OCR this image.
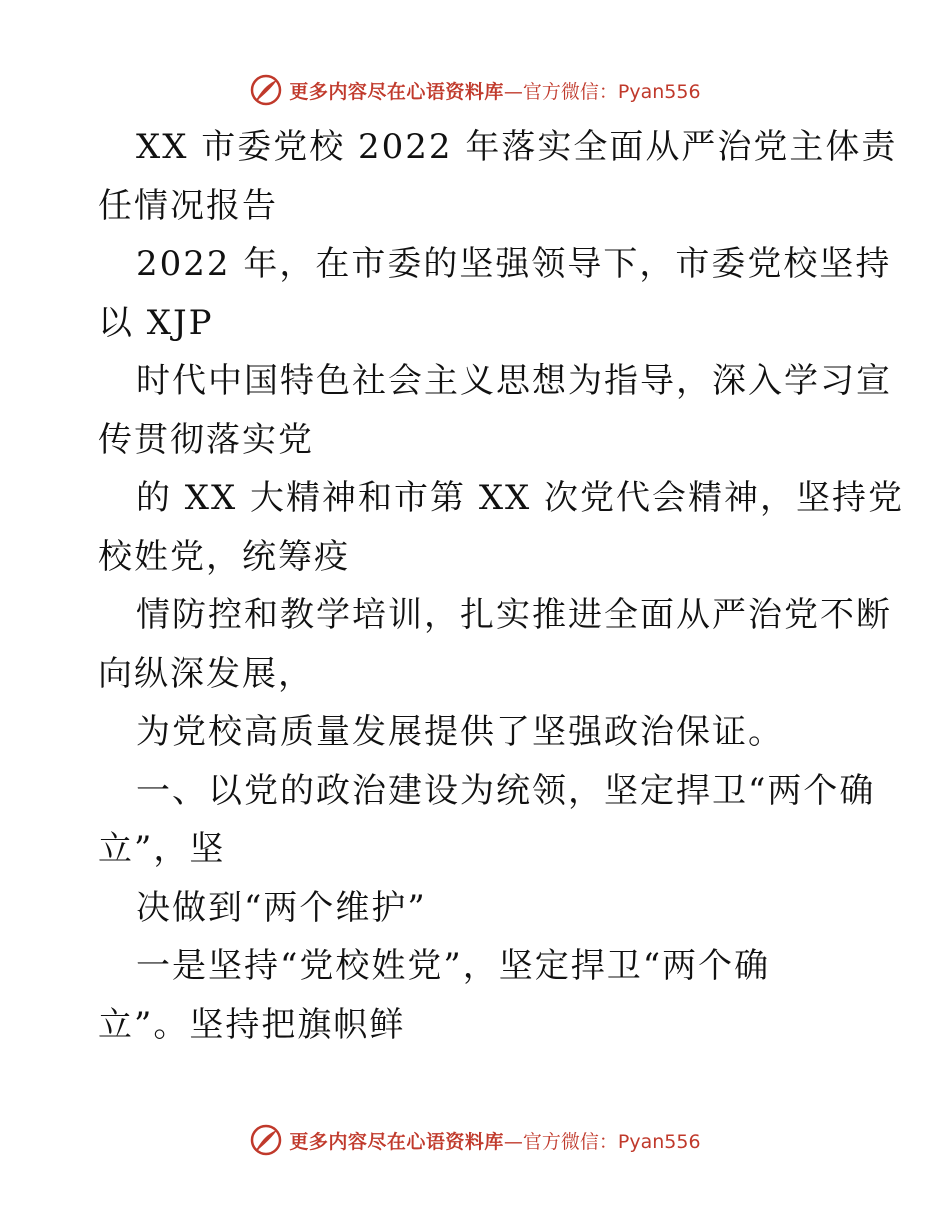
更多内容尽在心语资料库 —官方微信：Pyan556
XX 市委党校 2022 年落实全面从严治党主体责
任情况报告
2022 年，在市委的坚强领导下，市委党校坚持
以 XJP
时代中国特色社会主义思想为指导，深入学习宣
传贯彻落实党
的 XX 大精神和市第 XX 次党代会精神，坚持党
校姓党，统筹疫
情防控和教学培训，扎实推进全面从严治党不断
向纵深发展，
为党校高质量发展提供了坚强政治保证。
一、以党的政治建设为统领，坚定捍卫“两个确
立”，坚
决做到“两个维护”
一是坚持“党校姓党”，坚定捍卫“两个确
立”。坚持把旗帜鲜
更多内容尽在心语资料库 —官方微信：Pyan556
